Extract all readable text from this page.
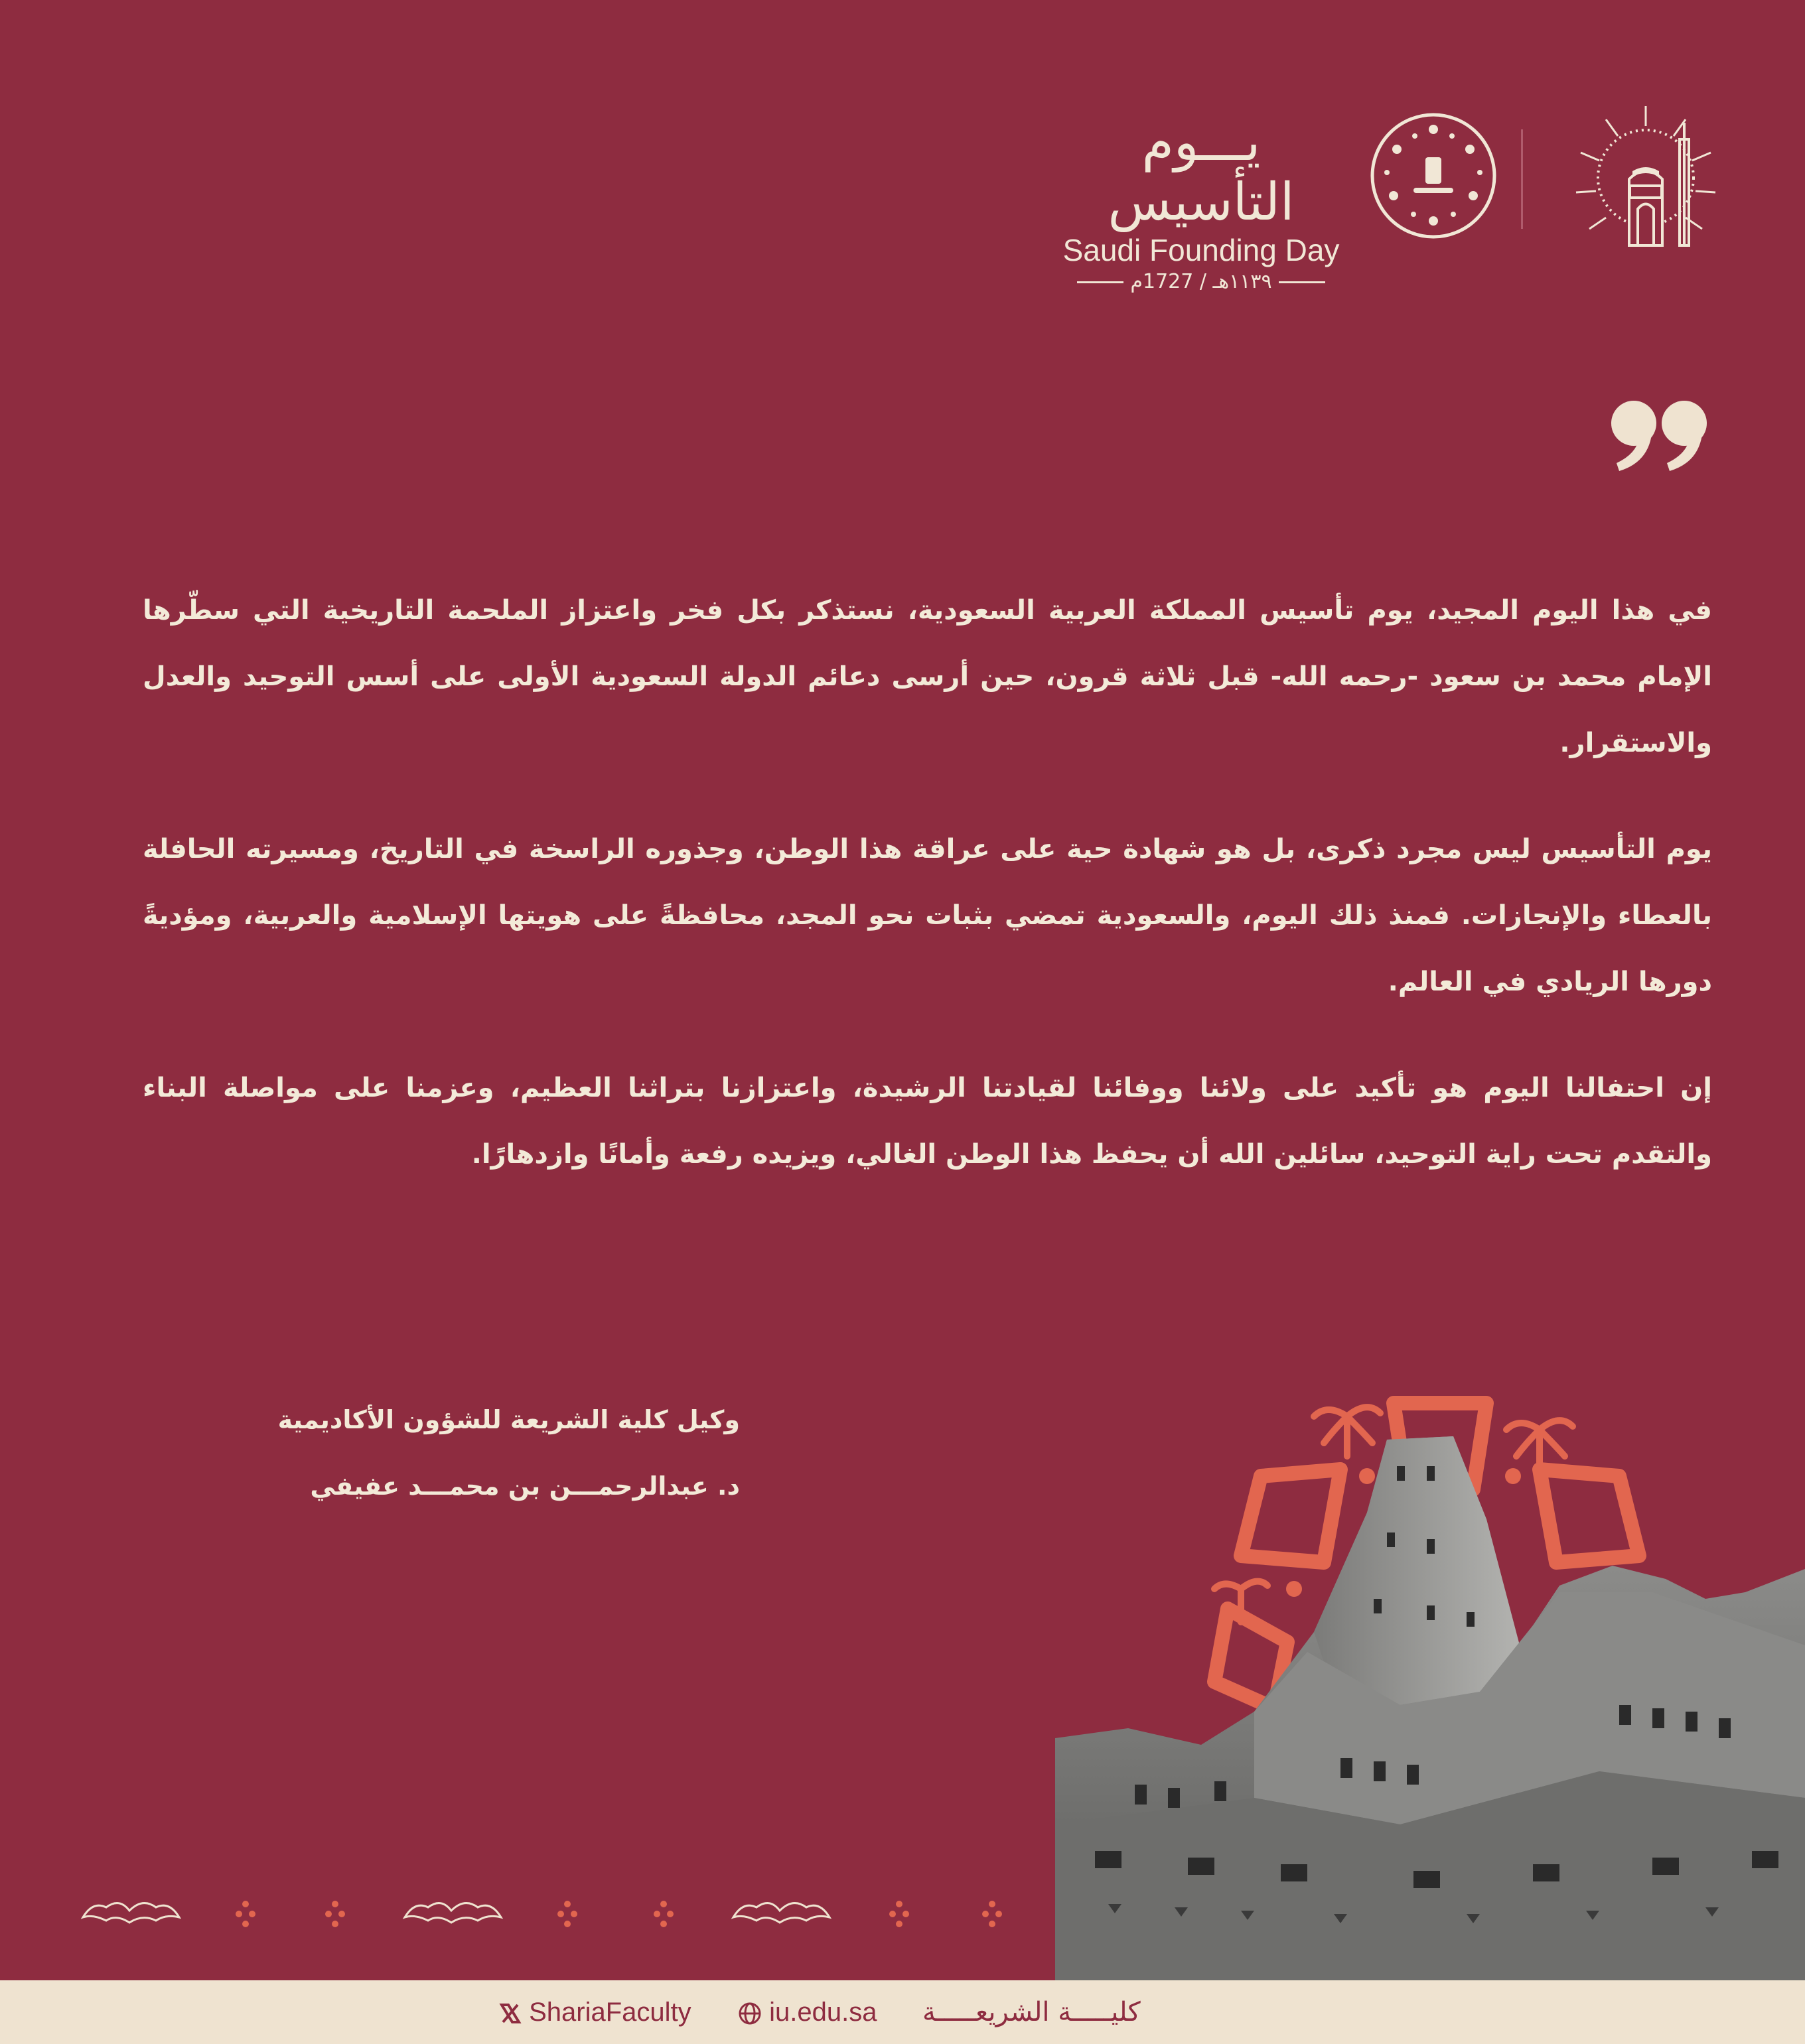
يـــوم التأسيس
Saudi Founding Day
١١٣٩هـ / 1727م

في هذا اليوم المجيد، يوم تأسيس المملكة العربية السعودية، نستذكر بكل فخر واعتزاز الملحمة التاريخية التي سطّرها الإمام محمد بن سعود -رحمه الله- قبل ثلاثة قرون، حين أرسى دعائم الدولة السعودية الأولى على أسس التوحيد والعدل والاستقرار.

يوم التأسيس ليس مجرد ذكرى، بل هو شهادة حية على عراقة هذا الوطن، وجذوره الراسخة في التاريخ، ومسيرته الحافلة بالعطاء والإنجازات. فمنذ ذلك اليوم، والسعودية تمضي بثبات نحو المجد، محافظةً على هويتها الإسلامية والعربية، ومؤديةً دورها الريادي في العالم.

إن احتفالنا اليوم هو تأكيد على ولائنا ووفائنا لقيادتنا الرشيدة، واعتزازنا بتراثنا العظيم، وعزمنا على مواصلة البناء والتقدم تحت راية التوحيد، سائلين الله أن يحفظ هذا الوطن الغالي، ويزيده رفعة وأمانًا وازدهارًا.

وكيل كلية الشريعة للشؤون الأكاديمية
د. عبدالرحمـــن بن محمـــد عفيفي
ShariaFaculty	iu.edu.sa كليـــــة الشريعـــــة
